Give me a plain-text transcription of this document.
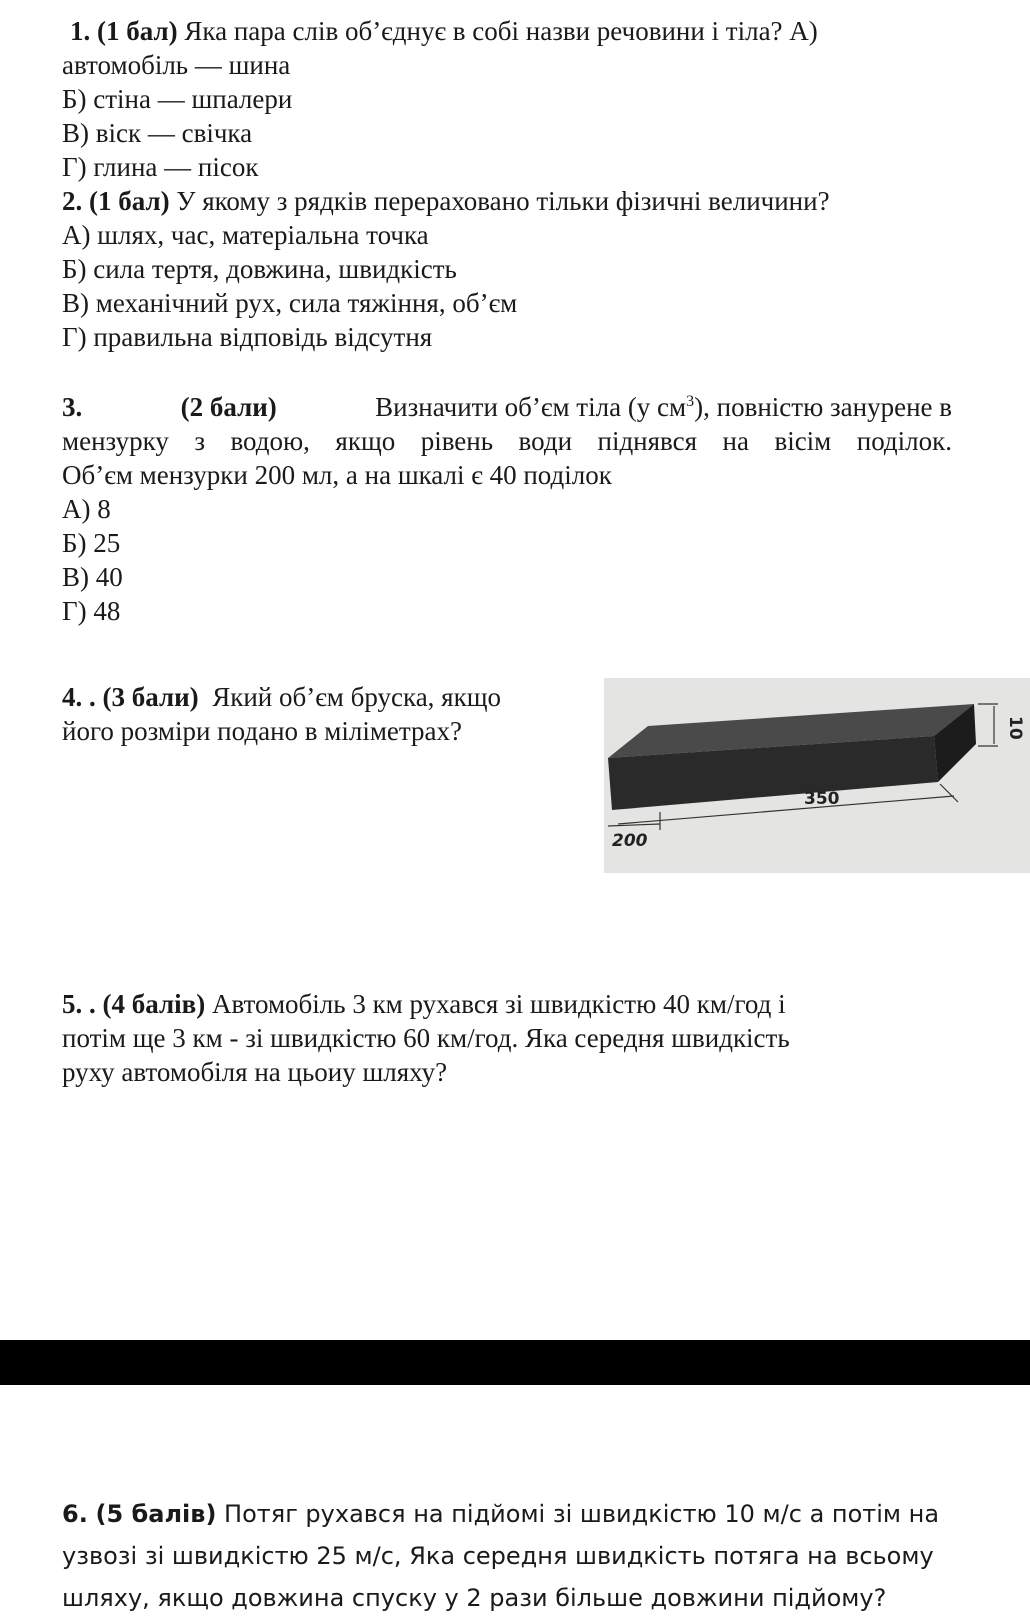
1. (1 бал) Яка пара слів об’єднує в собі назви речовини і тіла? А)
автомобіль — шина
Б) стіна — шпалери
В) віск — свічка
Г) глина — пісок
2. (1 бал) У якому з рядків перераховано тільки фізичні величини?
А) шлях, час, матеріальна точка
Б) сила тертя, довжина, швидкість
В) механічний рух, сила тяжіння, об’єм
Г) правильна відповідь відсутня
3.	(2 бали)	Визначити об’єм тіла (у $см^3$), повністю занурене в
мензурку з водою, якщо рівень води піднявся на вісім поділок.
Об’єм мензурки 200 мл, а на шкалі є 40 поділок
А) 8
Б) 25
В) 40
Г) 48
4. . (3 бали) Який об’єм бруска, якщо
його розміри подано в міліметрах?	10
350
200
5. . (4 балів) Автомобіль 3 км рухався зі швидкістю 40 км/год і
потім ще 3 км - зі швидкістю 60 км/год. Яка середня швидкість
руху автомобіля на цьоиу шляху?
6. (5 балів) Потяг рухався на підйомі зі швидкістю 10 м/с а потім на
узвозі зі швидкістю 25 м/с, Яка середня швидкість потяга на всьому
шляху, якщо довжина спуску у 2 рази більше довжини підйому?
